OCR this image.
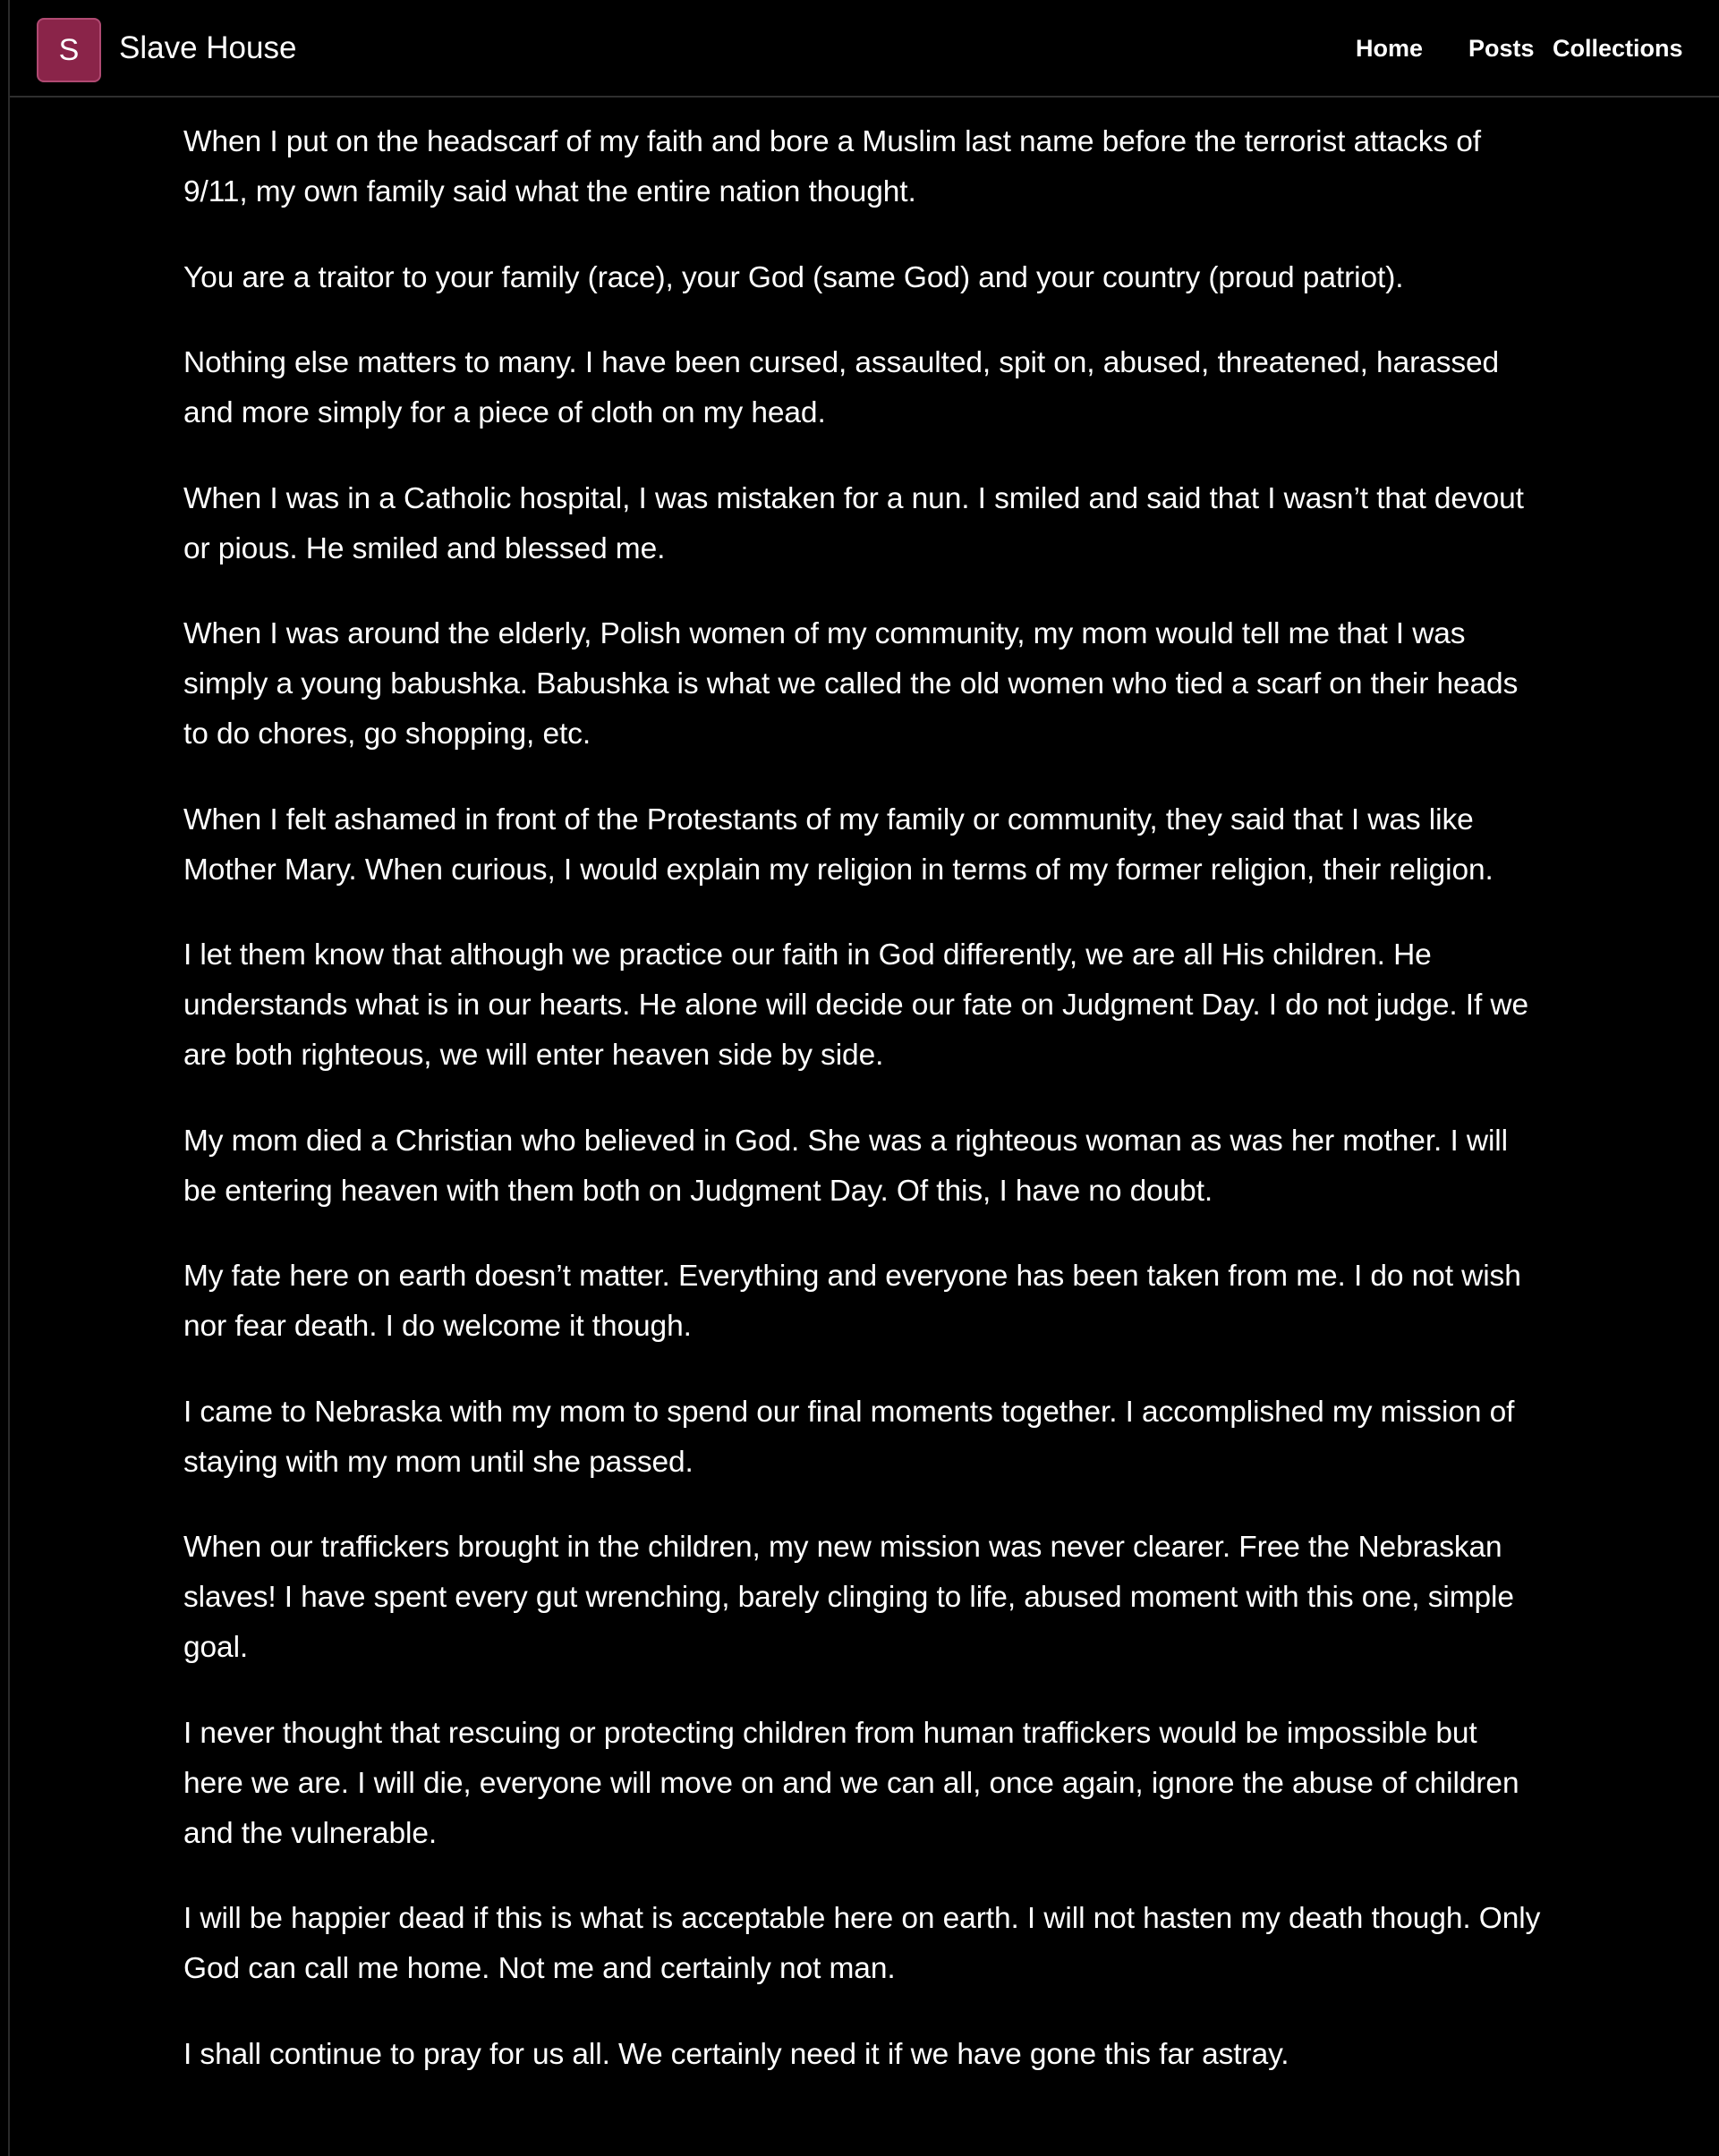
S	Slave House	Home Posts Collections

When I put on the headscarf of my faith and bore a Muslim last name before the terrorist attacks of 9/11, my own family said what the entire nation thought.

You are a traitor to your family (race), your God (same God) and your country (proud patriot).

Nothing else matters to many. I have been cursed, assaulted, spit on, abused, threatened, harassed and more simply for a piece of cloth on my head.

When I was in a Catholic hospital, I was mistaken for a nun. I smiled and said that I wasn’t that devout or pious. He smiled and blessed me.

When I was around the elderly, Polish women of my community, my mom would tell me that I was simply a young babushka. Babushka is what we called the old women who tied a scarf on their heads to do chores, go shopping, etc.

When I felt ashamed in front of the Protestants of my family or community, they said that I was like Mother Mary. When curious, I would explain my religion in terms of my former religion, their religion.

I let them know that although we practice our faith in God differently, we are all His children. He understands what is in our hearts. He alone will decide our fate on Judgment Day. I do not judge. If we are both righteous, we will enter heaven side by side.

My mom died a Christian who believed in God. She was a righteous woman as was her mother. I will be entering heaven with them both on Judgment Day. Of this, I have no doubt.

My fate here on earth doesn’t matter. Everything and everyone has been taken from me. I do not wish nor fear death. I do welcome it though.

I came to Nebraska with my mom to spend our final moments together. I accomplished my mission of staying with my mom until she passed.

When our traffickers brought in the children, my new mission was never clearer. Free the Nebraskan slaves! I have spent every gut wrenching, barely clinging to life, abused moment with this one, simple goal.

I never thought that rescuing or protecting children from human traffickers would be impossible but here we are. I will die, everyone will move on and we can all, once again, ignore the abuse of children and the vulnerable.

I will be happier dead if this is what is acceptable here on earth. I will not hasten my death though. Only God can call me home. Not me and certainly not man.

I shall continue to pray for us all. We certainly need it if we have gone this far astray.
